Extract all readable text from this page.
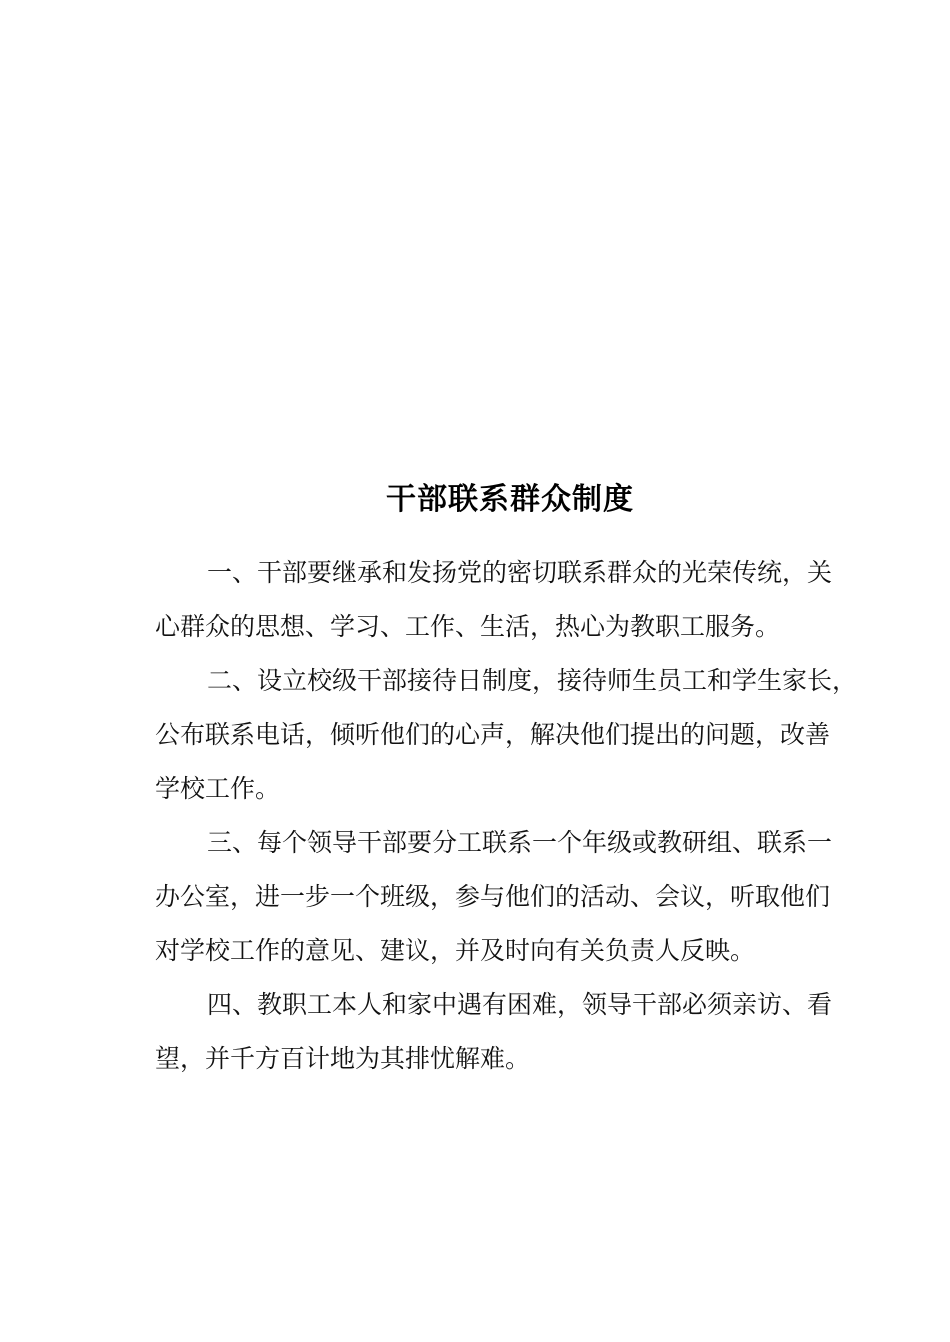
干部联系群众制度
一、干部要继承和发扬党的密切联系群众的光荣传统，关
心群众的思想、学习、工作、生活，热心为教职工服务。
二、设立校级干部接待日制度，接待师生员工和学生家长，
公布联系电话，倾听他们的心声，解决他们提出的问题，改善
学校工作。
三、每个领导干部要分工联系一个年级或教研组、联系一
办公室，进一步一个班级，参与他们的活动、会议，听取他们
对学校工作的意见、建议，并及时向有关负责人反映。
四、教职工本人和家中遇有困难，领导干部必须亲访、看
望，并千方百计地为其排忧解难。
